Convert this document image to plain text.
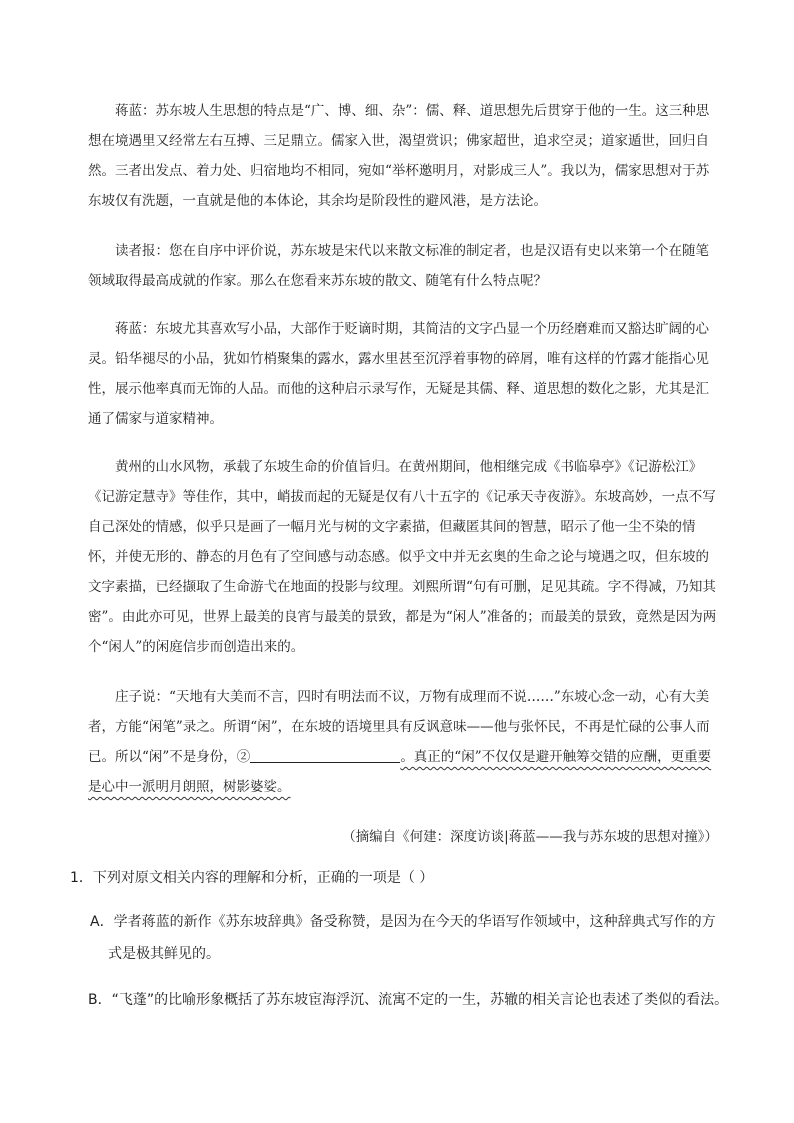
蒋蓝：苏东坡人生思想的特点是“广、博、细、杂”：儒、释、道思想先后贯穿于他的一生。这三种思想在境遇里又经常左右互搏、三足鼎立。儒家入世，渴望赏识；佛家超世，追求空灵；道家遁世，回归自然。三者出发点、着力处、归宿地均不相同，宛如“举杯邀明月，对影成三人”。我以为，儒家思想对于苏东坡仅有洗题，一直就是他的本体论，其余均是阶段性的避风港，是方法论。

读者报：您在自序中评价说，苏东坡是宋代以来散文标准的制定者，也是汉语有史以来第一个在随笔领域取得最高成就的作家。那么在您看来苏东坡的散文、随笔有什么特点呢？

蒋蓝：东坡尤其喜欢写小品，大部作于贬谪时期，其简洁的文字凸显一个历经磨难而又豁达旷阔的心灵。铅华褪尽的小品，犹如竹梢聚集的露水，露水里甚至沉浮着事物的碎屑，唯有这样的竹露才能指心见性，展示他率真而无饰的人品。而他的这种启示录写作，无疑是其儒、释、道思想的数化之影，尤其是汇通了儒家与道家精神。

黄州的山水风物，承载了东坡生命的价值旨归。在黄州期间，他相继完成《书临皋亭》《记游松江》《记游定慧寺》等佳作，其中，峭拔而起的无疑是仅有八十五字的《记承天寺夜游》。东坡高妙，一点不写自己深处的情感，似乎只是画了一幅月光与树的文字素描，但藏匿其间的智慧，昭示了他一尘不染的情怀，并使无形的、静态的月色有了空间感与动态感。似乎文中并无玄奥的生命之论与境遇之叹，但东坡的文字素描，已经撷取了生命游弋在地面的投影与纹理。刘熙所谓“句有可删，足见其疏。字不得减，乃知其密”。由此亦可见，世界上最美的良宵与最美的景致，都是为“闲人”准备的；而最美的景致，竟然是因为两个“闲人”的闲庭信步而创造出来的。

庄子说：“天地有大美而不言，四时有明法而不议，万物有成理而不说……”东坡心念一动，心有大美者，方能“闲笔”录之。所谓“闲”，在东坡的语境里具有反讽意味——他与张怀民，不再是忙碌的公事人而已。所以“闲”不是身份，②	。真正的“闲”不仅仅是避开触筹交错的应酬，更重要是心中一派明月朗照，树影婆娑。

（摘编自《何建：深度访谈|蒋蓝——我与苏东坡的思想对撞》）

1．下列对原文相关内容的理解和分析，正确的一项是（ ）

A．学者蒋蓝的新作《苏东坡辞典》备受称赞，是因为在今天的华语写作领域中，这种辞典式写作的方
式是极其鲜见的。

B．“飞蓬”的比喻形象概括了苏东坡宦海浮沉、流寓不定的一生，苏辙的相关言论也表述了类似的看法。
